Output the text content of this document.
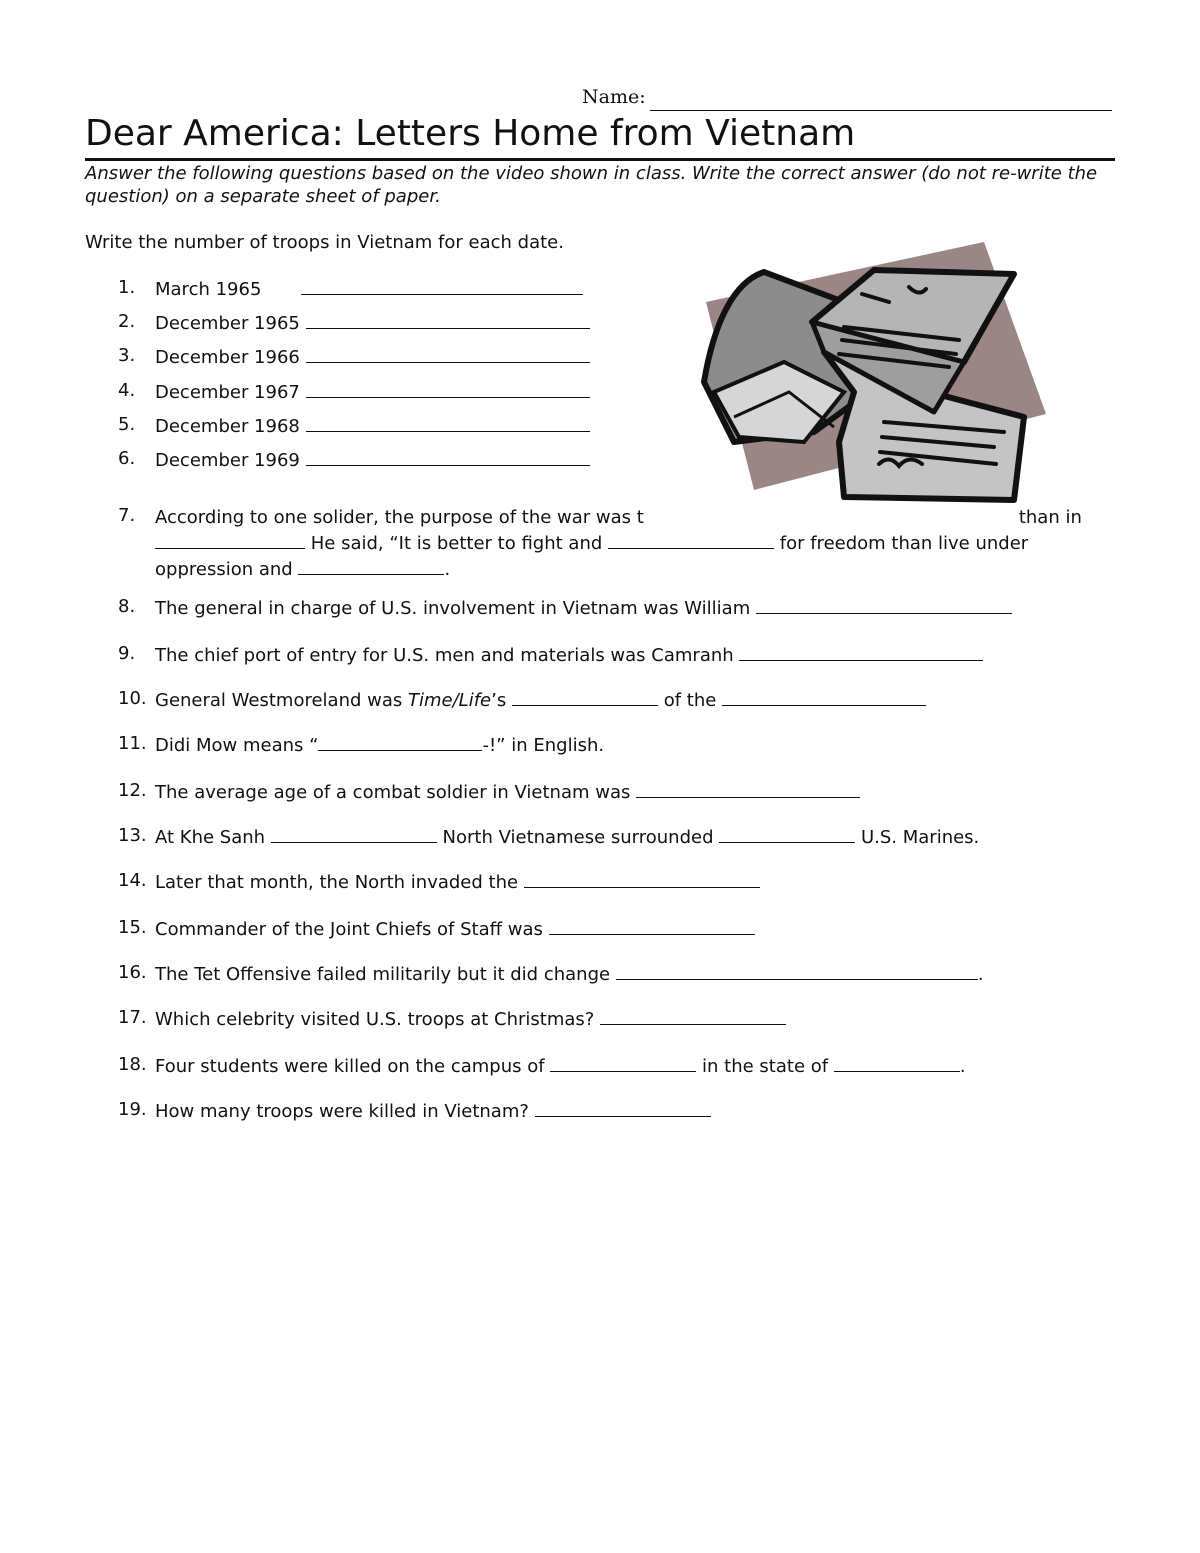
Name:
Dear America: Letters Home from Vietnam
Answer the following questions based on the video shown in class. Write the correct answer (do not re-write the question) on a separate sheet of paper.
Write the number of troops in Vietnam for each date.
1.	March 1965
2.	December 1965
3.	December 1966
4.	December 1967
5.	December 1968
6.	December 1969
7. According to one solider, the purpose of the war was t	than in  He said, “It is better to fight and	for freedom than live under oppression and	.
8.	The general in charge of U.S. involvement in Vietnam was William
9.	The chief port of entry for U.S. men and materials was Camranh
10. General Westmoreland was Time/Life’s	of the
11. Didi Mow means “	-!” in English.
12. The average age of a combat soldier in Vietnam was
13. At Khe Sanh	North Vietnamese surrounded	U.S. Marines.
14. Later that month, the North invaded the
15. Commander of the Joint Chiefs of Staff was
16. The Tet Offensive failed militarily but it did change	.
17. Which celebrity visited U.S. troops at Christmas?
18. Four students were killed on the campus of	in the state of	.
19. How many troops were killed in Vietnam?
